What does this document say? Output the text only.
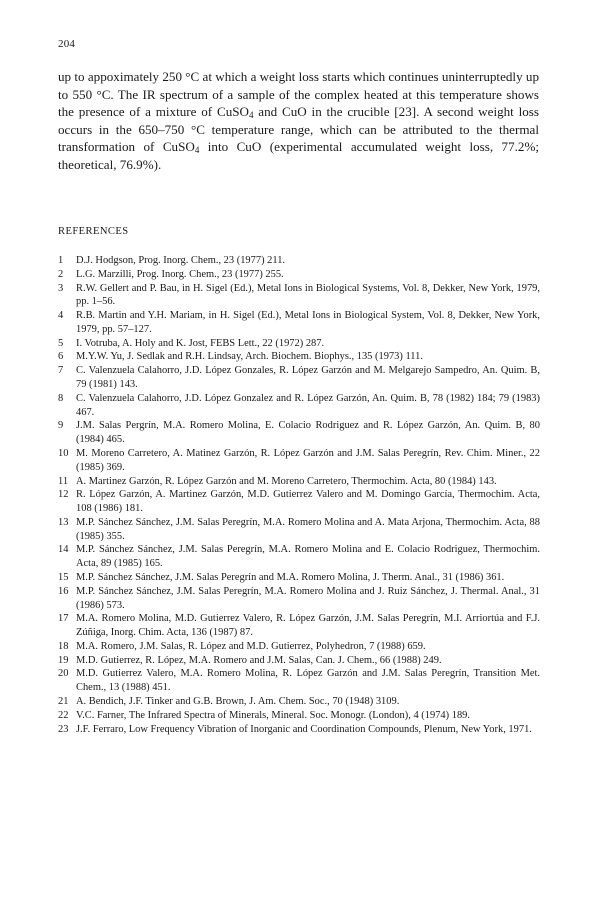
204

up to appoximately 250 °C at which a weight loss starts which continues uninterruptedly up to 550 °C. The IR spectrum of a sample of the complex heated at this temperature shows the presence of a mixture of CuSO$_4$ and CuO in the crucible [23]. A second weight loss occurs in the 650–750 °C temperature range, which can be attributed to the thermal transformation of CuSO$_4$ into CuO (experimental accumulated weight loss, 77.2%; theoretical, 76.9%).

REFERENCES
1	D.J. Hodgson, Prog. Inorg. Chem., 23 (1977) 211.
2	L.G. Marzilli, Prog. Inorg. Chem., 23 (1977) 255.
3	R.W. Gellert and P. Bau, in H. Sigel (Ed.), Metal Ions in Biological Systems, Vol. 8, Dekker, New York, 1979, pp. 1–56.
4	R.B. Martin and Y.H. Mariam, in H. Sigel (Ed.), Metal Ions in Biological System, Vol. 8, Dekker, New York, 1979, pp. 57–127.
5	I. Votruba, A. Holy and K. Jost, FEBS Lett., 22 (1972) 287.
6	M.Y.W. Yu, J. Sedlak and R.H. Lindsay, Arch. Biochem. Biophys., 135 (1973) 111.
7	C. Valenzuela Calahorro, J.D. López Gonzales, R. López Garzón and M. Melgarejo Sampedro, An. Quim. B, 79 (1981) 143.
8	C. Valenzuela Calahorro, J.D. López Gonzalez and R. López Garzón, An. Quim. B, 78 (1982) 184; 79 (1983) 467.
9	J.M. Salas Pergrín, M.A. Romero Molina, E. Colacio Rodriguez and R. López Garzón, An. Quim. B, 80 (1984) 465.
10 M. Moreno Carretero, A. Matinez Garzón, R. López Garzón and J.M. Salas Peregrín, Rev. Chim. Miner., 22 (1985) 369.
11 A. Martinez Garzón, R. López Garzón and M. Moreno Carretero, Thermochim. Acta, 80 (1984) 143.
12 R. López Garzón, A. Martinez Garzón, M.D. Gutierrez Valero and M. Domingo García, Thermochim. Acta, 108 (1986) 181.
13 M.P. Sánchez Sánchez, J.M. Salas Peregrín, M.A. Romero Molina and A. Mata Arjona, Thermochim. Acta, 88 (1985) 355.
14 M.P. Sánchez Sánchez, J.M. Salas Peregrín, M.A. Romero Molina and E. Colacio Rodriguez, Thermochim. Acta, 89 (1985) 165.
15 M.P. Sánchez Sánchez, J.M. Salas Peregrín and M.A. Romero Molina, J. Therm. Anal., 31 (1986) 361.
16 M.P. Sánchez Sánchez, J.M. Salas Peregrín, M.A. Romero Molina and J. Ruiz Sánchez, J. Thermal. Anal., 31 (1986) 573.
17 M.A. Romero Molina, M.D. Gutierrez Valero, R. López Garzón, J.M. Salas Peregrín, M.I. Arriortúa and F.J. Zúñiga, Inorg. Chim. Acta, 136 (1987) 87.
18 M.A. Romero, J.M. Salas, R. López and M.D. Gutierrez, Polyhedron, 7 (1988) 659.
19 M.D. Gutierrez, R. López, M.A. Romero and J.M. Salas, Can. J. Chem., 66 (1988) 249.
20 M.D. Gutierrez Valero, M.A. Romero Molina, R. López Garzón and J.M. Salas Peregrín, Transition Met. Chem., 13 (1988) 451.
21 A. Bendich, J.F. Tinker and G.B. Brown, J. Am. Chem. Soc., 70 (1948) 3109.
22 V.C. Farner, The Infrared Spectra of Minerals, Mineral. Soc. Monogr. (London), 4 (1974) 189.
23 J.F. Ferraro, Low Frequency Vibration of Inorganic and Coordination Compounds, Plenum, New York, 1971.
